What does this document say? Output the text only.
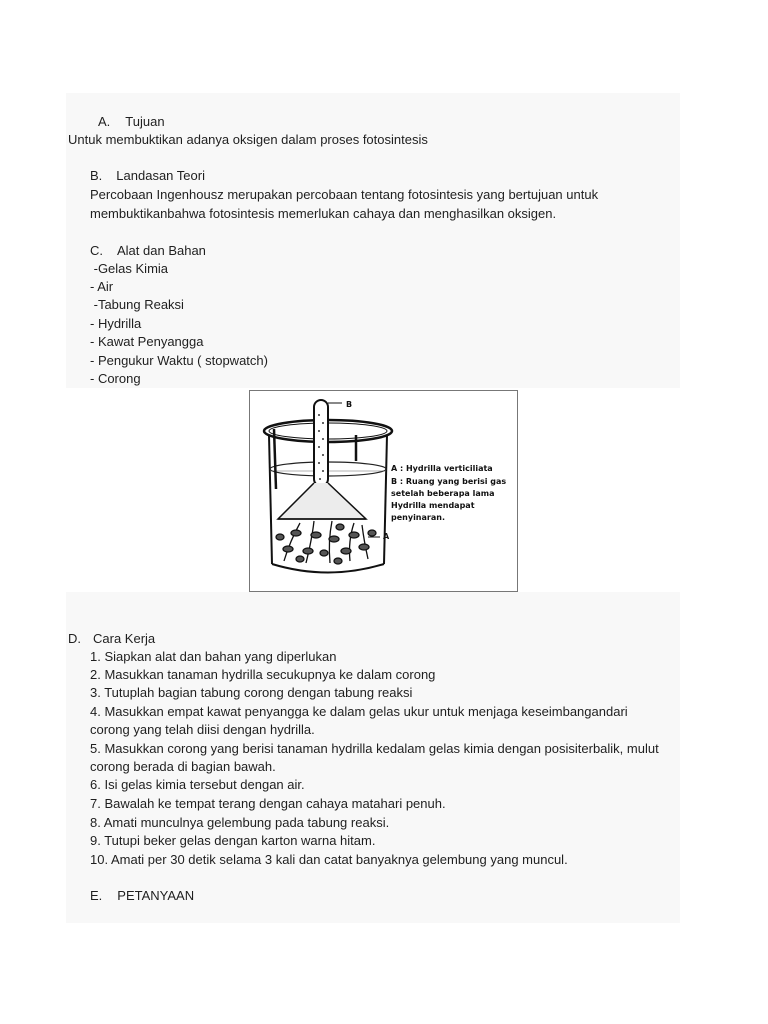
A. Tujuan
Untuk membuktikan adanya oksigen dalam proses fotosintesis
B. Landasan Teori
Percobaan Ingenhousz merupakan percobaan tentang fotosintesis yang bertujuan untuk
membuktikanbahwa fotosintesis memerlukan cahaya dan menghasilkan oksigen.
C. Alat dan Bahan
-Gelas Kimia
- Air
-Tabung Reaksi
- Hydrilla
- Kawat Penyangga
- Pengukur Waktu ( stopwatch)
- Corong
B
A
A : Hydrilla verticiliata
B : Ruang yang berisi gas
setelah beberapa lama
Hydrilla mendapat
penyinaran.
D. Cara Kerja
1. Siapkan alat dan bahan yang diperlukan
2. Masukkan tanaman hydrilla secukupnya ke dalam corong
3. Tutuplah bagian tabung corong dengan tabung reaksi
4. Masukkan empat kawat penyangga ke dalam gelas ukur untuk menjaga keseimbangandari
corong yang telah diisi dengan hydrilla.
5. Masukkan corong yang berisi tanaman hydrilla kedalam gelas kimia dengan posisiterbalik, mulut
corong berada di bagian bawah.
6. Isi gelas kimia tersebut dengan air.
7. Bawalah ke tempat terang dengan cahaya matahari penuh.
8. Amati munculnya gelembung pada tabung reaksi.
9. Tutupi beker gelas dengan karton warna hitam.
10. Amati per 30 detik selama 3 kali dan catat banyaknya gelembung yang muncul.
E. PETANYAAN
